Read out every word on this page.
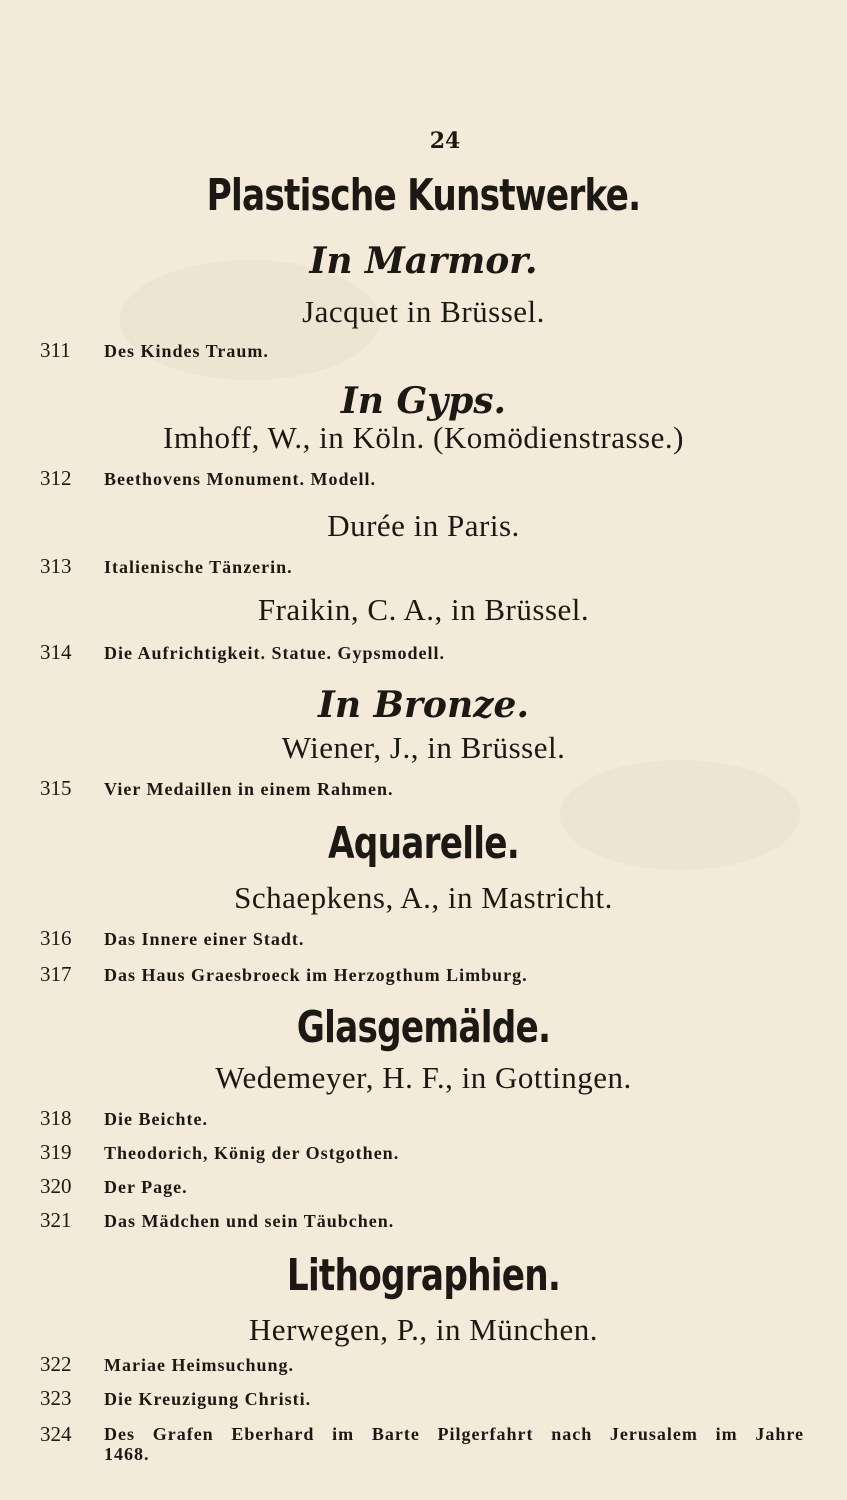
24
Plastische Kunstwerke.
In Marmor.
Jacquet in Brüssel.
311 Des Kindes Traum.
In Gyps.
Imhoff, W., in Köln. (Komödienstrasse.)
312 Beethovens Monument. Modell.
Durée in Paris.
313 Italienische Tänzerin.
Fraikin, C. A., in Brüssel.
314 Die Aufrichtigkeit. Statue. Gypsmodell.
In Bronze.
Wiener, J., in Brüssel.
315 Vier Medaillen in einem Rahmen.
Aquarelle.
Schaepkens, A., in Mastricht.
316 Das Innere einer Stadt.
317 Das Haus Graesbroeck im Herzogthum Limburg.
Glasgemälde.
Wedemeyer, H. F., in Gottingen.
318 Die Beichte.
319 Theodorich, König der Ostgothen.
320 Der Page.
321 Das Mädchen und sein Täubchen.
Lithographien.
Herwegen, P., in München.
322 Mariae Heimsuchung.
323 Die Kreuzigung Christi.
324 Des Grafen Eberhard im Barte Pilgerfahrt nach Jerusalem im Jahre 1468.
